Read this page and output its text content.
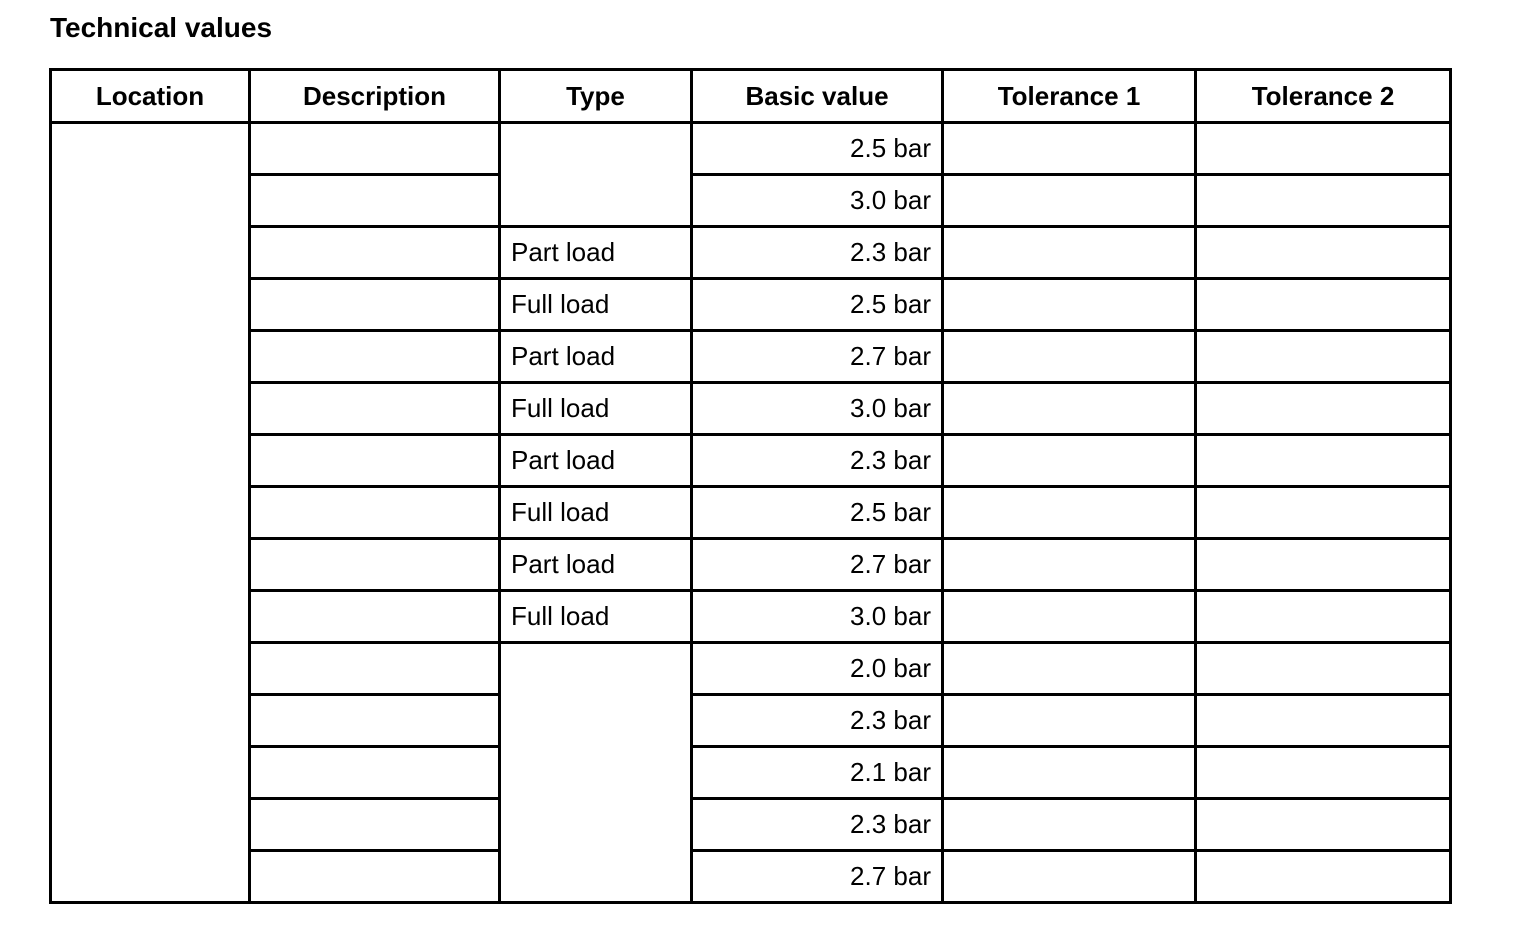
Technical values
Location	Description	Type	Basic value	Tolerance 1	Tolerance 2
			2.5 bar		
			3.0 bar		
		Part load	2.3 bar		
		Full load	2.5 bar		
		Part load	2.7 bar		
		Full load	3.0 bar		
		Part load	2.3 bar		
		Full load	2.5 bar		
		Part load	2.7 bar		
		Full load	3.0 bar		
			2.0 bar		
			2.3 bar		
			2.1 bar		
			2.3 bar		
			2.7 bar		
